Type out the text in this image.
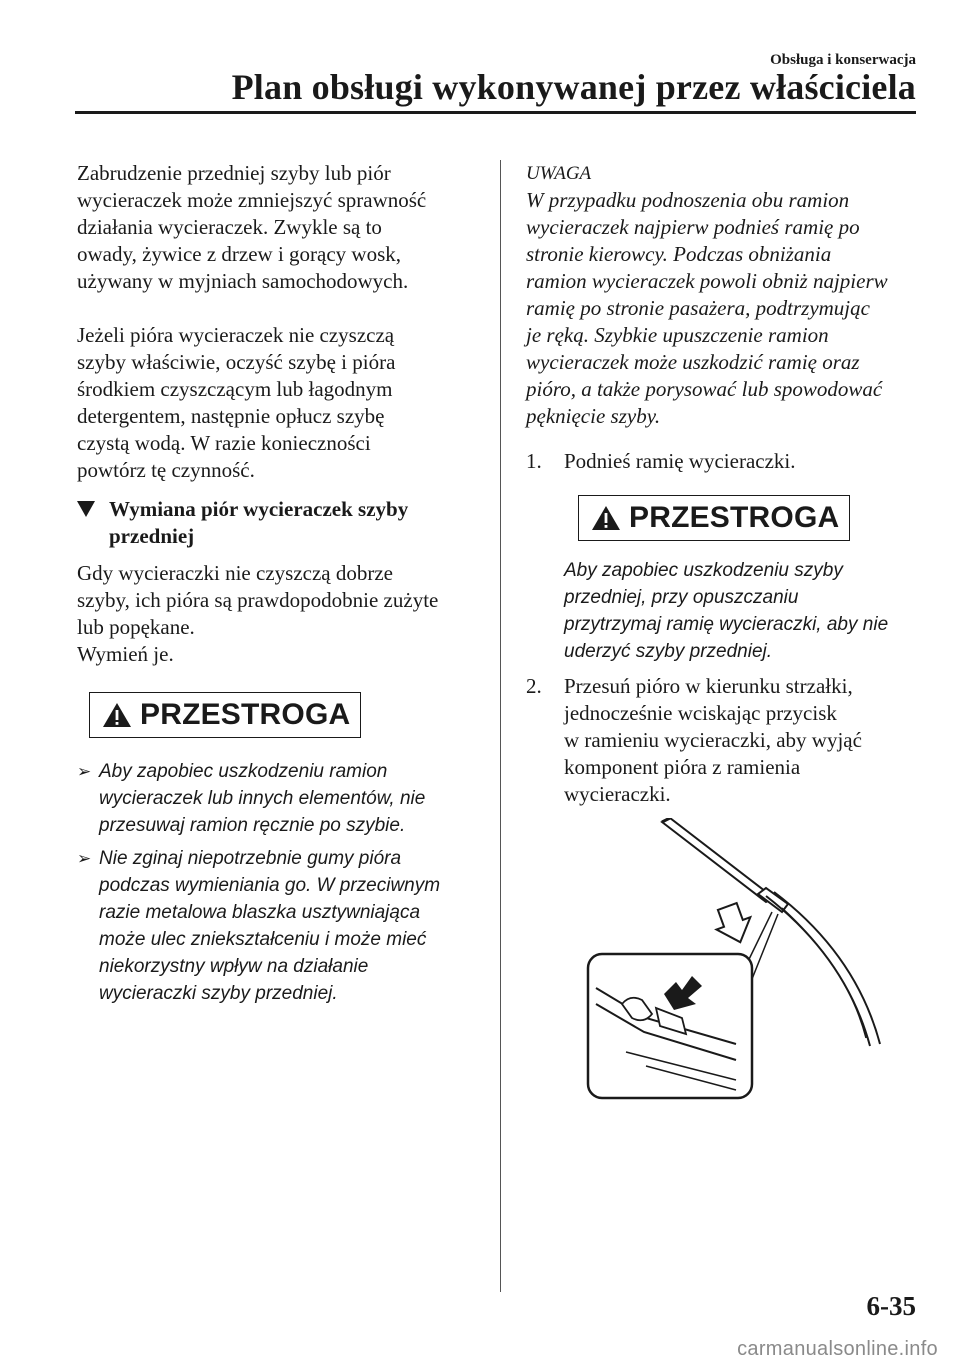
Obsługa i konserwacja
Plan obsługi wykonywanej przez właściciela

Zabrudzenie przedniej szyby lub piór
wycieraczek może zmniejszyć sprawność
działania wycieraczek. Zwykle są to
owady, żywice z drzew i gorący wosk,
używany w myjniach samochodowych.

Jeżeli pióra wycieraczek nie czyszczą
szyby właściwie, oczyść szybę i pióra
środkiem czyszczącym lub łagodnym
detergentem, następnie opłucz szybę
czystą wodą. W razie konieczności
powtórz tę czynność.

Wymiana piór wycieraczek szyby
przedniej

Gdy wycieraczki nie czyszczą dobrze
szyby, ich pióra są prawdopodobnie zużyte
lub popękane.
Wymień je.

PRZESTROGA
➢ Aby zapobiec uszkodzeniu ramion
wycieraczek lub innych elementów, nie
przesuwaj ramion ręcznie po szybie.
➢ Nie zginaj niepotrzebnie gumy pióra
podczas wymieniania go. W przeciwnym
razie metalowa blaszka usztywniająca
może ulec zniekształceniu i może mieć
niekorzystny wpływ na działanie
wycieraczki szyby przedniej.

UWAGA

W przypadku podnoszenia obu ramion
wycieraczek najpierw podnieś ramię po
stronie kierowcy. Podczas obniżania
ramion wycieraczek powoli obniż najpierw
ramię po stronie pasażera, podtrzymując
je ręką. Szybkie upuszczenie ramion
wycieraczek może uszkodzić ramię oraz
pióro, a także porysować lub spowodować
pęknięcie szyby.

1. Podnieś ramię wycieraczki.

PRZESTROGA
Aby zapobiec uszkodzeniu szyby
przedniej, przy opuszczaniu
przytrzymaj ramię wycieraczki, aby nie
uderzyć szyby przedniej.

2. Przesuń pióro w kierunku strzałki,
jednocześnie wciskając przycisk
w ramieniu wycieraczki, aby wyjąć
komponent pióra z ramienia
wycieraczki.

6-35
carmanualsonline.info
